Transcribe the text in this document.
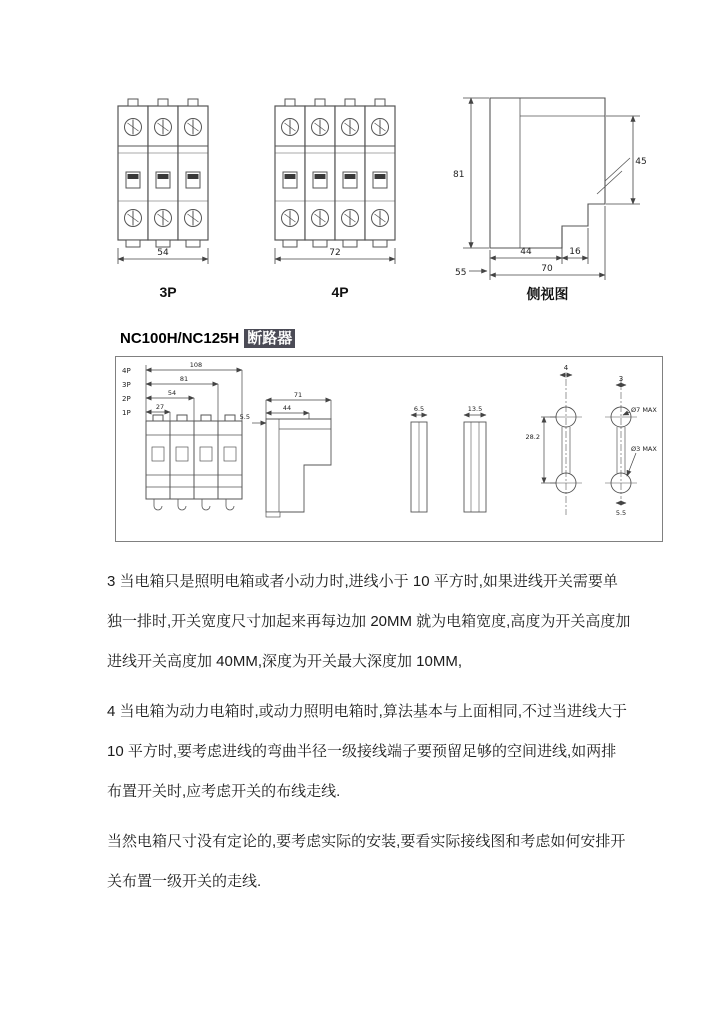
54
3P
72
4P
81
45
44	16
70
55
侧视图
NC100H/NC125H 断路器
4P
3P
2P
1P
108
81
54
27
71
44
5.5
6.5	13.5
4
3
28.2
Ø7 MAX
Ø3 MAX
5.5

3 当电箱只是照明电箱或者小动力时,进线小于 10 平方时,如果进线开关需要单独一排时,开关宽度尺寸加起来再每边加 20MM 就为电箱宽度,高度为开关高度加进线开关高度加 40MM,深度为开关最大深度加 10MM,

4 当电箱为动力电箱时,或动力照明电箱时,算法基本与上面相同,不过当进线大于 10 平方时,要考虑进线的弯曲半径一级接线端子要预留足够的空间进线,如两排布置开关时,应考虑开关的布线走线.

当然电箱尺寸没有定论的,要考虑实际的安装,要看实际接线图和考虑如何安排开关布置一级开关的走线.
